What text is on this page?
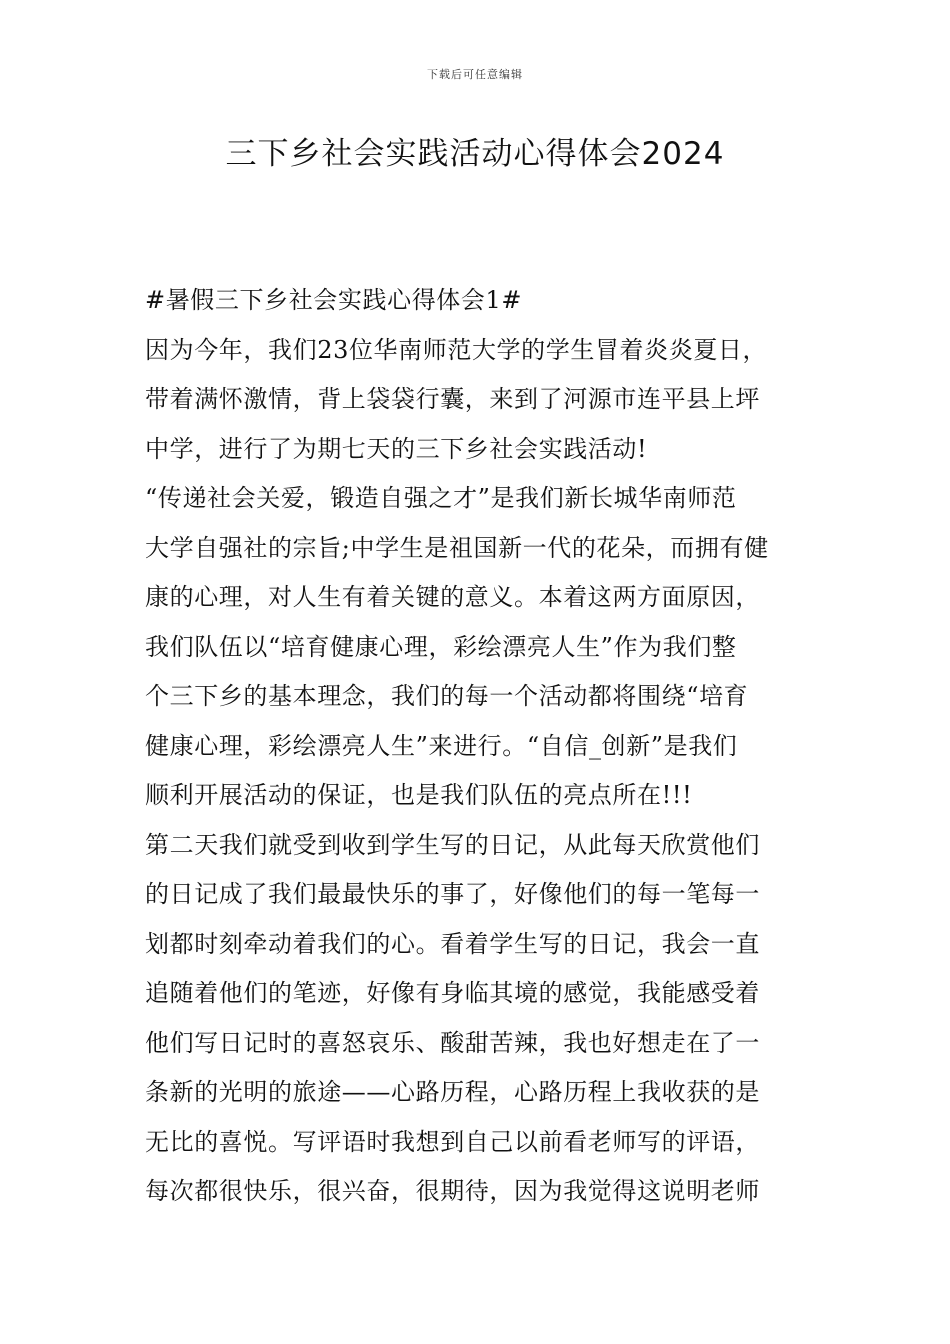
下载后可任意编辑
三下乡社会实践活动心得体会2024
#暑假三下乡社会实践心得体会1#
因为今年，我们23位华南师范大学的学生冒着炎炎夏日，
带着满怀激情，背上袋袋行囊，来到了河源市连平县上坪
中学，进行了为期七天的三下乡社会实践活动!
“传递社会关爱，锻造自强之才”是我们新长城华南师范
大学自强社的宗旨;中学生是祖国新一代的花朵，而拥有健
康的心理，对人生有着关键的意义。本着这两方面原因，
我们队伍以“培育健康心理，彩绘漂亮人生”作为我们整
个三下乡的基本理念，我们的每一个活动都将围绕“培育
健康心理，彩绘漂亮人生”来进行。“自信_创新”是我们
顺利开展活动的保证，也是我们队伍的亮点所在!!!
第二天我们就受到收到学生写的日记，从此每天欣赏他们
的日记成了我们最最快乐的事了，好像他们的每一笔每一
划都时刻牵动着我们的心。看着学生写的日记，我会一直
追随着他们的笔迹，好像有身临其境的感觉，我能感受着
他们写日记时的喜怒哀乐、酸甜苦辣，我也好想走在了一
条新的光明的旅途——心路历程，心路历程上我收获的是
无比的喜悦。写评语时我想到自己以前看老师写的评语，
每次都很快乐，很兴奋，很期待，因为我觉得这说明老师
